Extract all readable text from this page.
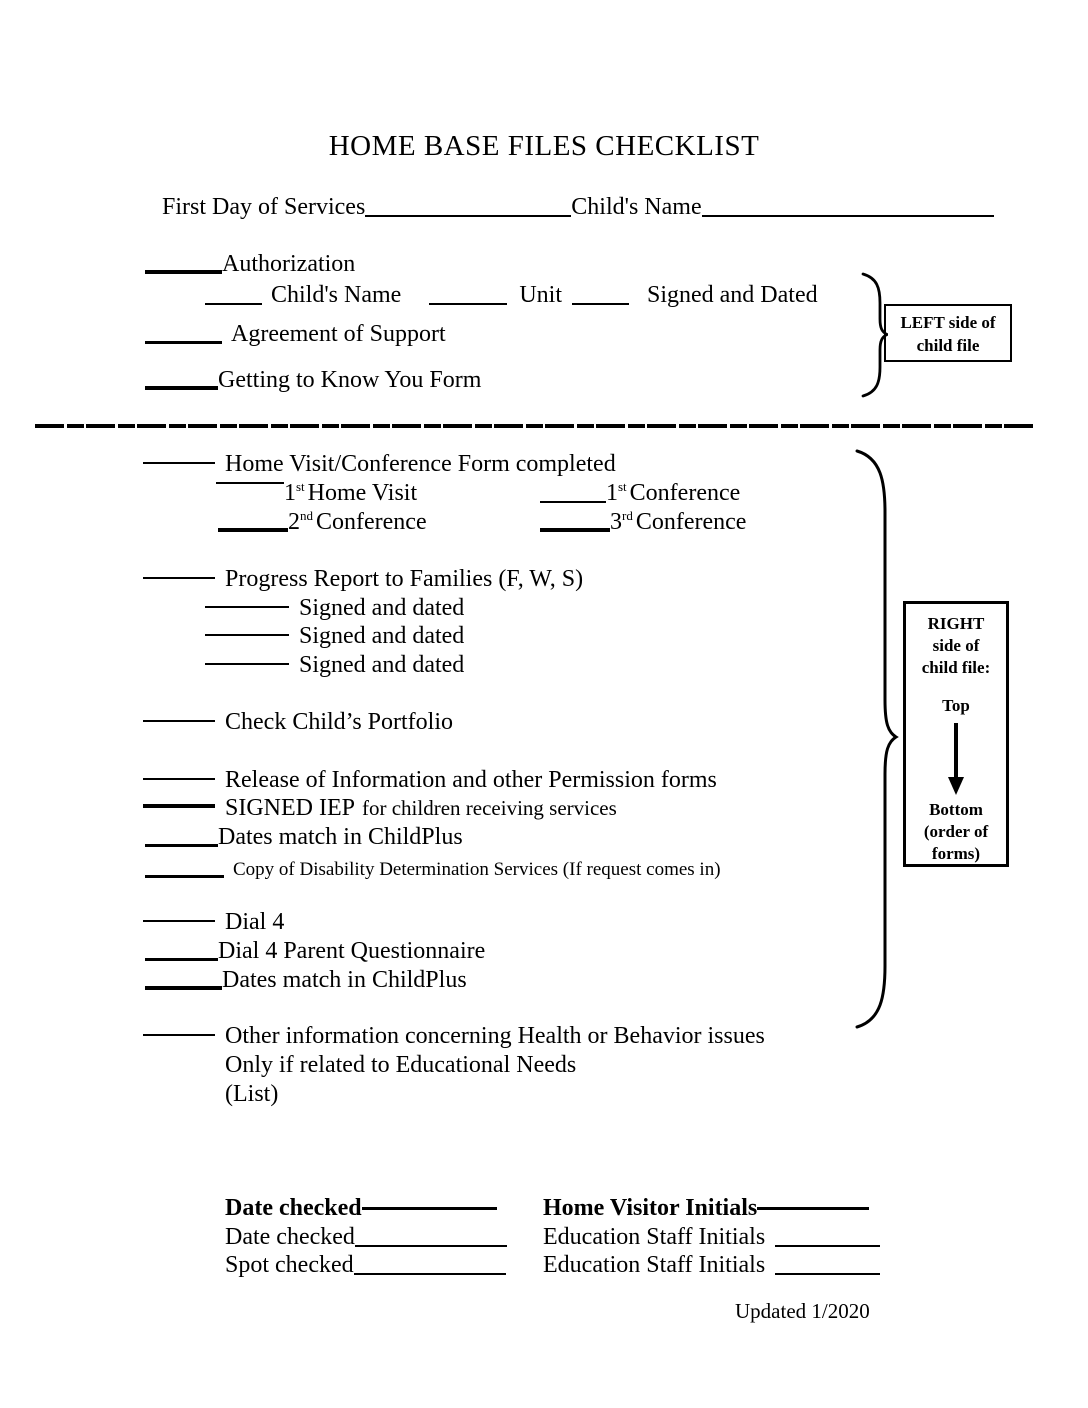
HOME BASE FILES CHECKLIST
First Day of Services	Child's Name
Authorization
Child's Name	Unit	Signed and Dated
Agreement of Support
Getting to Know You Form
LEFT side of
child file
Home Visit/Conference Form completed
1st Home Visit	1st Conference
2nd Conference	3rd Conference
Progress Report to Families (F, W, S)
Signed and dated
Signed and dated
Signed and dated
Check Child’s Portfolio
Release of Information and other Permission forms
SIGNED IEP for children receiving services
Dates match in ChildPlus
Copy of Disability Determination Services (If request comes in)
Dial 4
Dial 4 Parent Questionnaire
Dates match in ChildPlus
Other information concerning Health or Behavior issues
Only if related to Educational Needs
(List)
RIGHT
side of
child file:
Top
Bottom
(order of
forms)
Date checked	Home Visitor Initials
Date checked	Education Staff Initials
Spot checked	Education Staff Initials
Updated 1/2020
